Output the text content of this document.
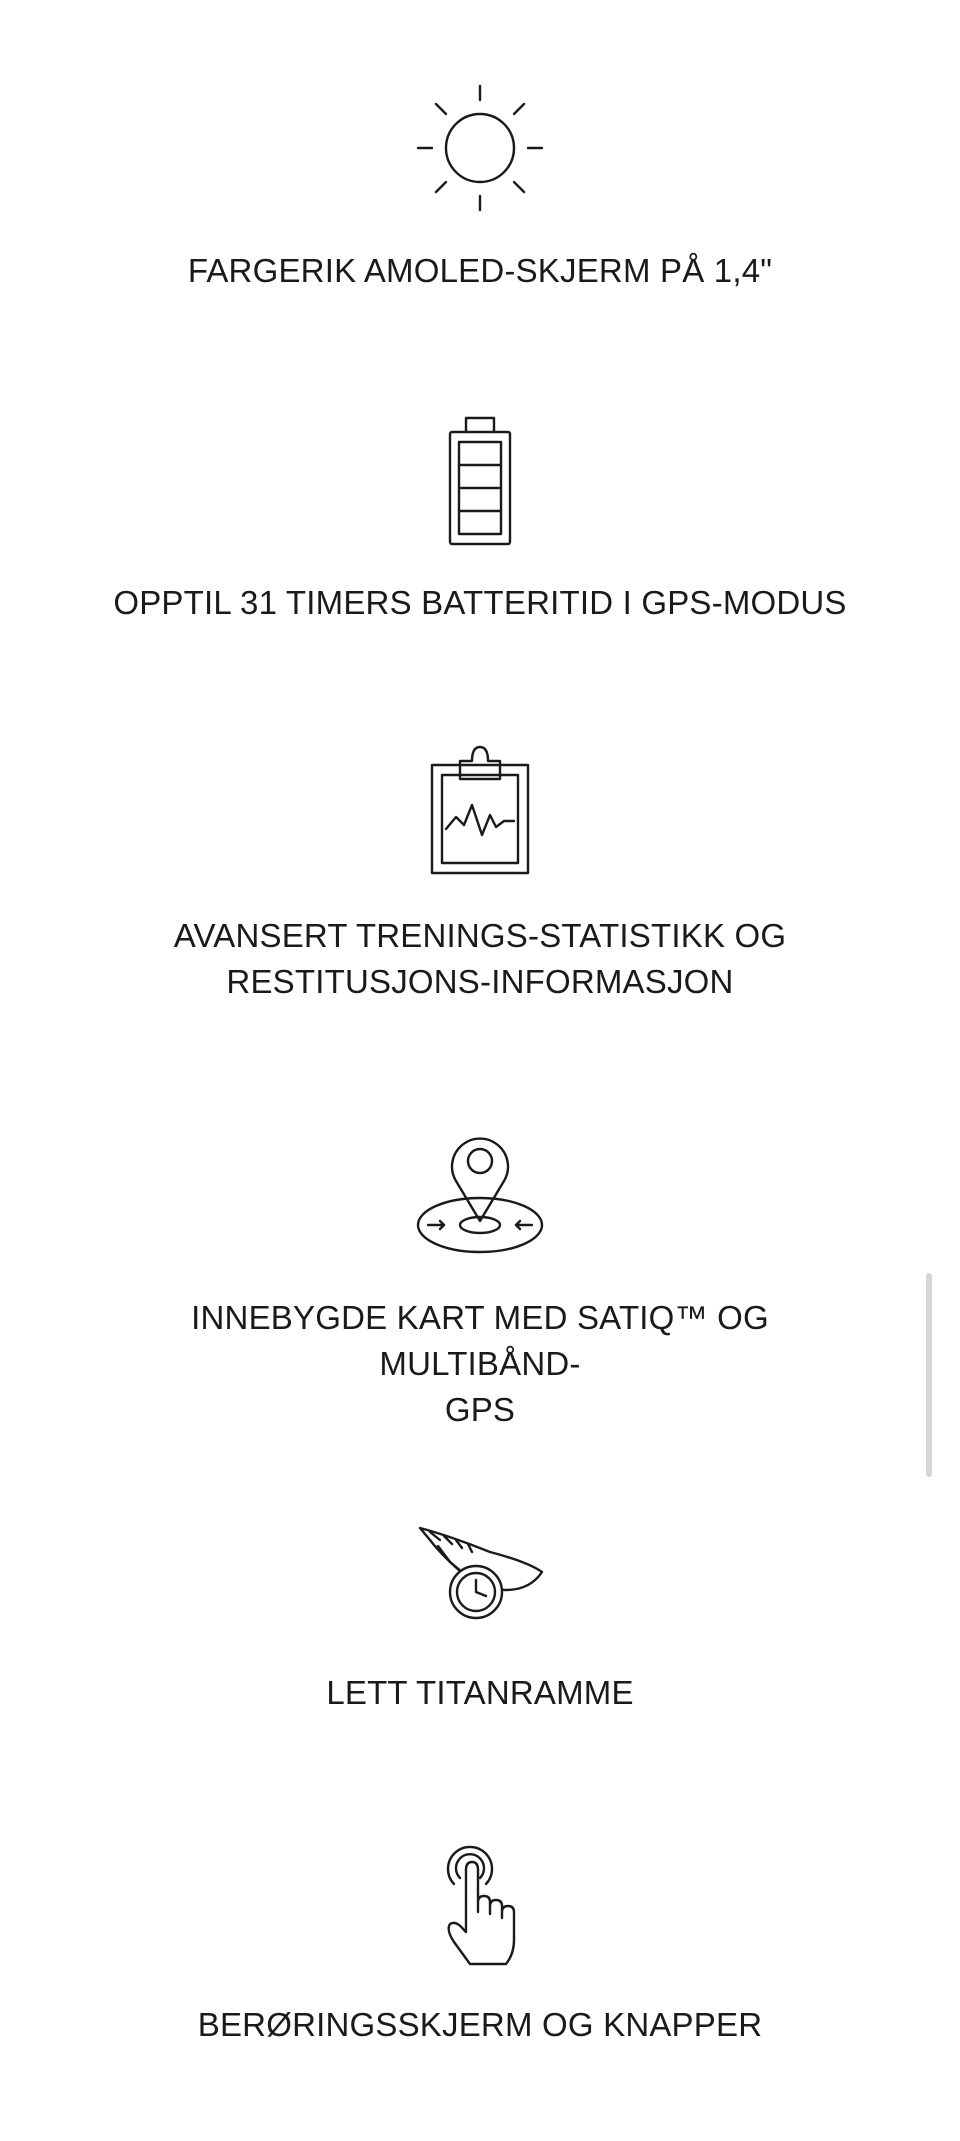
FARGERIK AMOLED-SKJERM PÅ 1,4"
OPPTIL 31 TIMERS BATTERITID I GPS-MODUS
AVANSERT TRENINGS-STATISTIKK OG
RESTITUSJONS-INFORMASJON
INNEBYGDE KART MED SATIQ™ OG MULTIBÅND-
GPS
LETT TITANRAMME
BERØRINGSSKJERM OG KNAPPER
